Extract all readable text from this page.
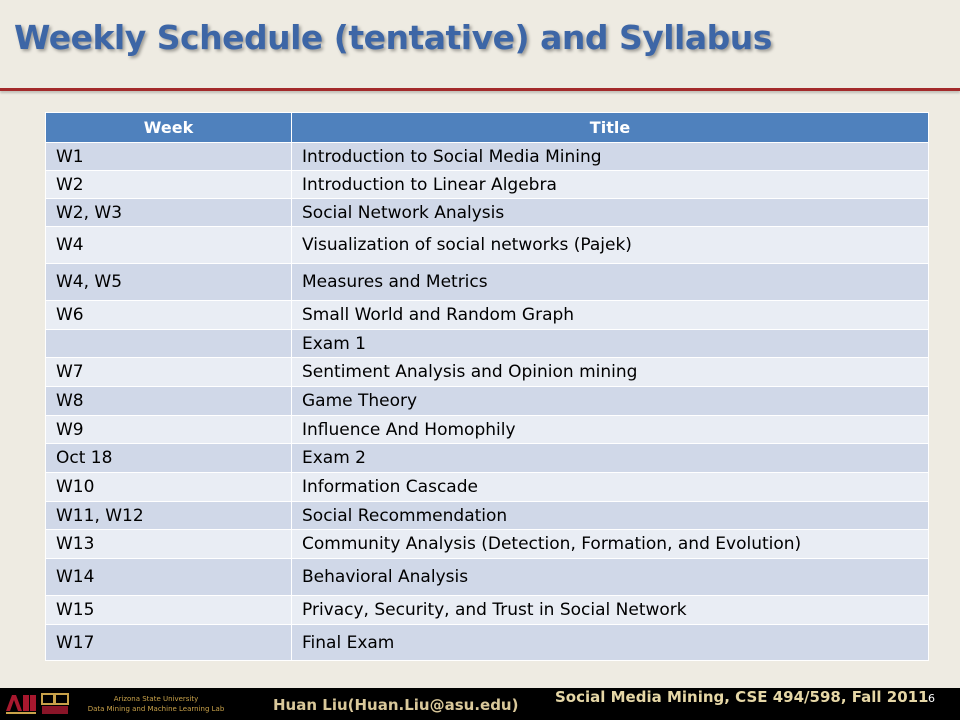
Weekly Schedule (tentative) and Syllabus
Week	Title
W1	Introduction to Social Media Mining
W2	Introduction to Linear Algebra
W2, W3	Social Network Analysis
W4	Visualization of social networks (Pajek)
W4, W5	Measures and Metrics
W6	Small World and Random Graph
	Exam 1
W7	Sentiment Analysis and Opinion mining
W8	Game Theory
W9	Influence And Homophily
Oct 18	Exam 2
W10	Information Cascade
W11, W12	Social Recommendation
W13	Community Analysis (Detection, Formation, and Evolution)
W14	Behavioral Analysis
W15	Privacy, Security, and Trust in Social Network
W17	Final Exam
Arizona State University
Data Mining and Machine Learning Lab	Huan Liu(Huan.Liu@asu.edu) Social Media Mining, CSE 494/598, Fall 2011 6
